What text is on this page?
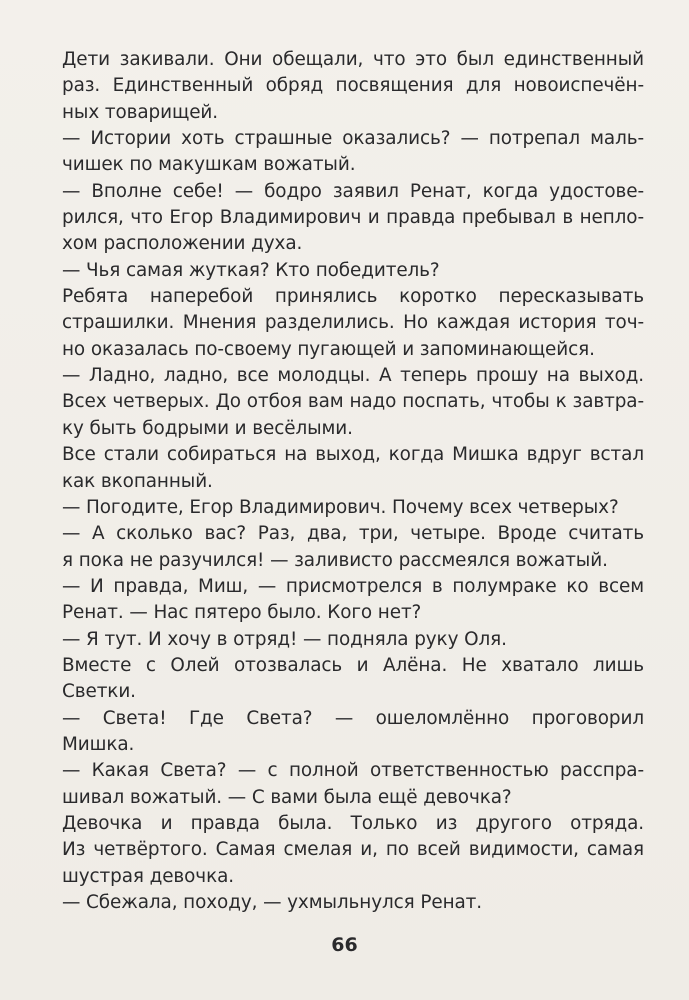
Дети закивали. Они обещали, что это был единственный
раз. Единственный обряд посвящения для новоиспечён-
ных товарищей.

— Истории хоть страшные оказались? — потрепал маль-
чишек по макушкам вожатый.

— Вполне себе! — бодро заявил Ренат, когда удостове-
рился, что Егор Владимирович и правда пребывал в непло-
хом расположении духа.

— Чья самая жуткая? Кто победитель?

Ребята наперебой принялись коротко пересказывать
страшилки. Мнения разделились. Но каждая история точ-
но оказалась по-своему пугающей и запоминающейся.

— Ладно, ладно, все молодцы. А теперь прошу на выход.
Всех четверых. До отбоя вам надо поспать, чтобы к завтра-
ку быть бодрыми и весёлыми.

Все стали собираться на выход, когда Мишка вдруг встал
как вкопанный.

— Погодите, Егор Владимирович. Почему всех четверых?

— А сколько вас? Раз, два, три, четыре. Вроде считать
я пока не разучился! — заливисто рассмеялся вожатый.

— И правда, Миш, — присмотрелся в полумраке ко всем
Ренат. — Нас пятеро было. Кого нет?

— Я тут. И хочу в отряд! — подняла руку Оля.

Вместе с Олей отозвалась и Алёна. Не хватало лишь
Светки.

— Света! Где Света? — ошеломлённо проговорил
Мишка.

— Какая Света? — с полной ответственностью расспра-
шивал вожатый. — С вами была ещё девочка?

Девочка и правда была. Только из другого отряда.
Из четвёртого. Самая смелая и, по всей видимости, самая
шустрая девочка.

— Сбежала, походу, — ухмыльнулся Ренат.

66
